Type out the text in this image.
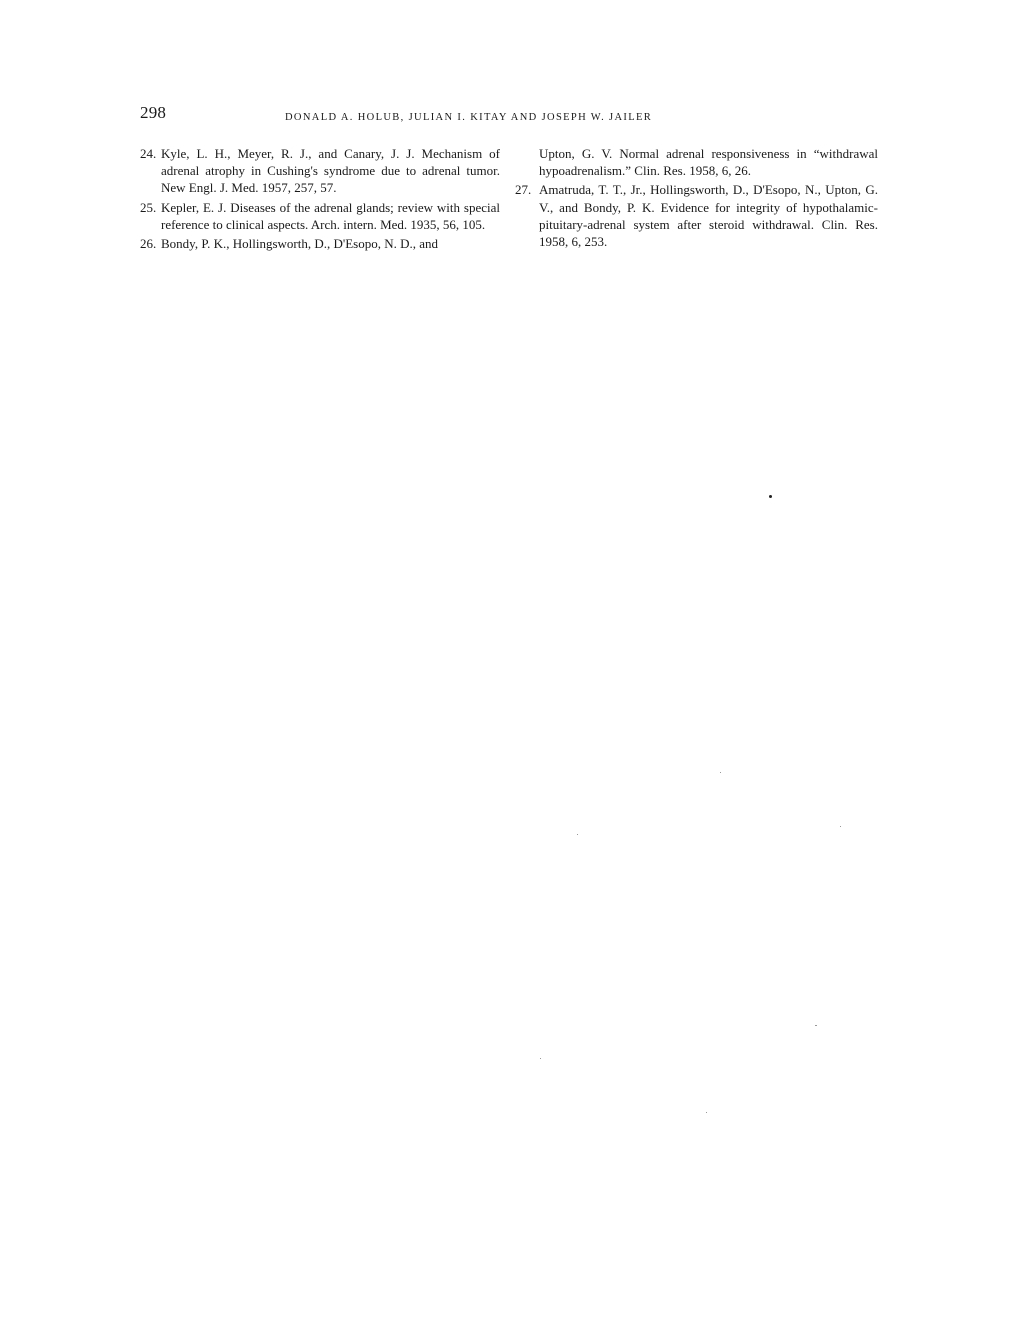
298	DONALD A. HOLUB, JULIAN I. KITAY AND JOSEPH W. JAILER

24. Kyle, L. H., Meyer, R. J., and Canary, J. J. Mechanism of adrenal atrophy in Cushing's syndrome due to adrenal tumor. New Engl. J. Med. 1957, 257, 57.

25. Kepler, E. J. Diseases of the adrenal glands; review with special reference to clinical aspects. Arch. intern. Med. 1935, 56, 105.

26. Bondy, P. K., Hollingsworth, D., D'Esopo, N. D., and

Upton, G. V. Normal adrenal responsiveness in “withdrawal hypoadrenalism.” Clin. Res. 1958, 6, 26.

27. Amatruda, T. T., Jr., Hollingsworth, D., D'Esopo, N., Upton, G. V., and Bondy, P. K. Evidence for integrity of hypothalamic-pituitary-adrenal system after steroid withdrawal. Clin. Res. 1958, 6, 253.
